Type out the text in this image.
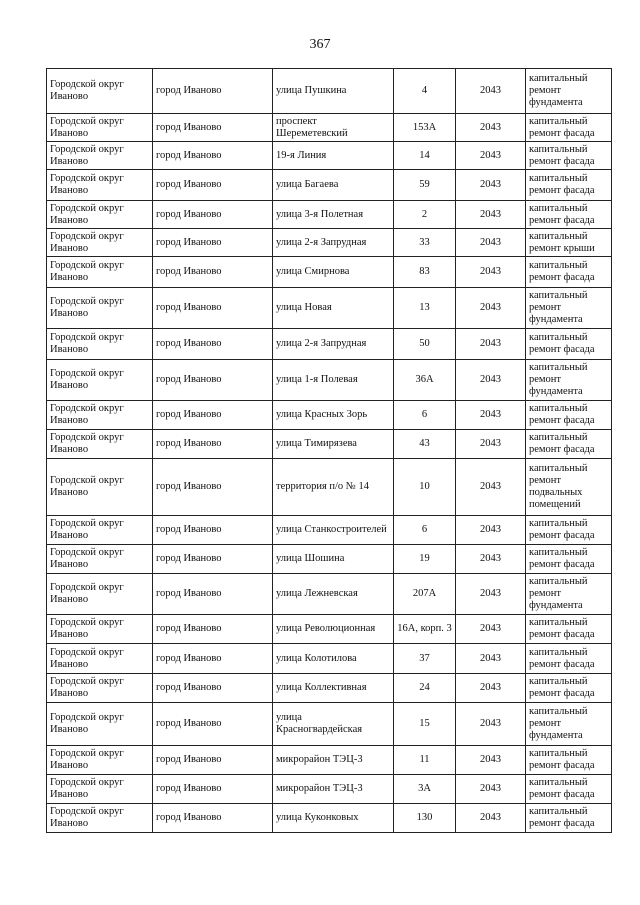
367
Городской округ Иваново	город Иваново	улица Пушкина	4	2043	капитальный ремонт фундамента
Городской округ Иваново	город Иваново	проспект Шереметевский	153А	2043	капитальный ремонт фасада
Городской округ Иваново	город Иваново	19-я Линия	14	2043	капитальный ремонт фасада
Городской округ Иваново	город Иваново	улица Багаева	59	2043	капитальный ремонт фасада
Городской округ Иваново	город Иваново	улица 3-я Полетная	2	2043	капитальный ремонт фасада
Городской округ Иваново	город Иваново	улица 2-я Запрудная	33	2043	капитальный ремонт крыши
Городской округ Иваново	город Иваново	улица Смирнова	83	2043	капитальный ремонт фасада
Городской округ Иваново	город Иваново	улица Новая	13	2043	капитальный ремонт фундамента
Городской округ Иваново	город Иваново	улица 2-я Запрудная	50	2043	капитальный ремонт фасада
Городской округ Иваново	город Иваново	улица 1-я Полевая	36А	2043	капитальный ремонт фундамента
Городской округ Иваново	город Иваново	улица Красных Зорь	6	2043	капитальный ремонт фасада
Городской округ Иваново	город Иваново	улица Тимирязева	43	2043	капитальный ремонт фасада
Городской округ Иваново	город Иваново	территория п/о № 14	10	2043	капитальный ремонт подвальных помещений
Городской округ Иваново	город Иваново	улица Станкостроителей	6	2043	капитальный ремонт фасада
Городской округ Иваново	город Иваново	улица Шошина	19	2043	капитальный ремонт фасада
Городской округ Иваново	город Иваново	улица Лежневская	207А	2043	капитальный ремонт фундамента
Городской округ Иваново	город Иваново	улица Революционная	16А, корп. 3	2043	капитальный ремонт фасада
Городской округ Иваново	город Иваново	улица Колотилова	37	2043	капитальный ремонт фасада
Городской округ Иваново	город Иваново	улица Коллективная	24	2043	капитальный ремонт фасада
Городской округ Иваново	город Иваново	улица Красногвардейская	15	2043	капитальный ремонт фундамента
Городской округ Иваново	город Иваново	микрорайон ТЭЦ-3	11	2043	капитальный ремонт фасада
Городской округ Иваново	город Иваново	микрорайон ТЭЦ-3	3А	2043	капитальный ремонт фасада
Городской округ Иваново	город Иваново	улица Куконковых	130	2043	капитальный ремонт фасада
